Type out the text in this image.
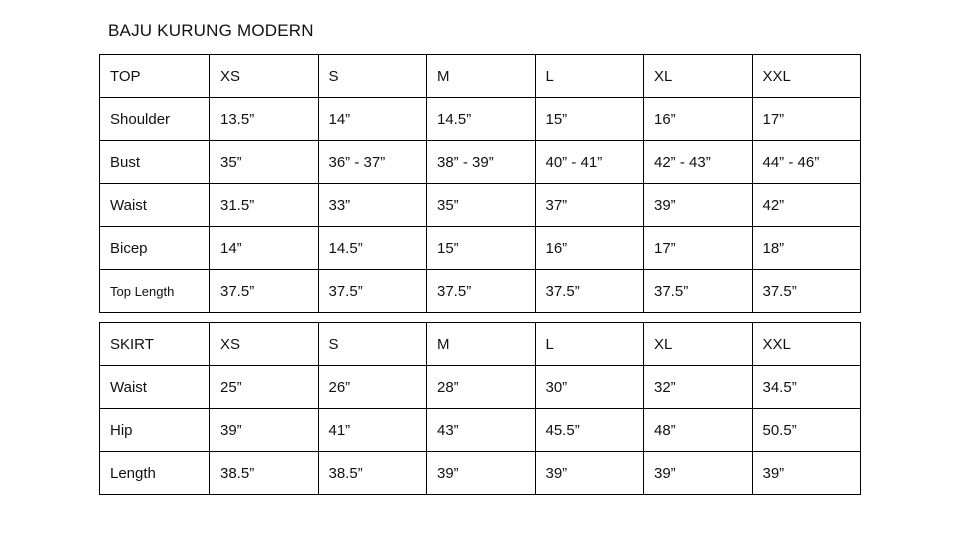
BAJU KURUNG MODERN
TOP	XS	S	M	L	XL	XXL
Shoulder	13.5”	14”	14.5”	15”	16”	17”
Bust	35”	36” - 37”	38” - 39”	40” - 41”	42” - 43”	44” - 46”
Waist	31.5”	33”	35”	37”	39”	42”
Bicep	14”	14.5”	15”	16”	17”	18”
Top Length	37.5”	37.5”	37.5”	37.5”	37.5”	37.5”
SKIRT	XS	S	M	L	XL	XXL
Waist	25”	26”	28”	30”	32”	34.5”
Hip	39”	41”	43”	45.5”	48”	50.5”
Length	38.5”	38.5”	39”	39”	39”	39”
